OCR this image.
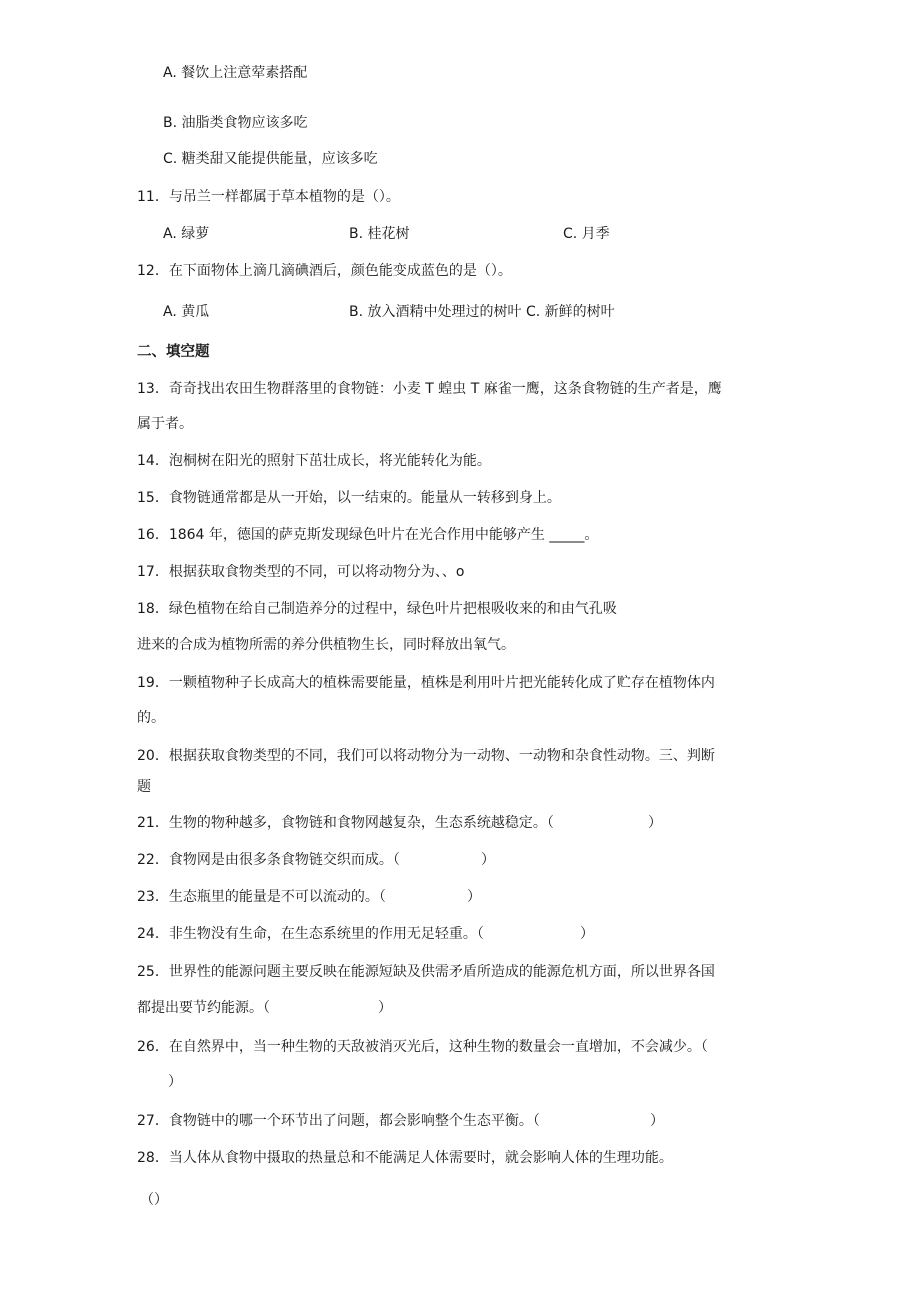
A. 餐饮上注意荤素搭配
B. 油脂类食物应该多吃
C. 糖类甜又能提供能量，应该多吃
11．与吊兰一样都属于草本植物的是（）。
A. 绿萝	B. 桂花树	C. 月季
12．在下面物体上滴几滴碘酒后，颜色能变成蓝色的是（）。
A. 黄瓜	B. 放入酒精中处理过的树叶 C. 新鲜的树叶
二、填空题
13．奇奇找出农田生物群落里的食物链：小麦 T 蝗虫 T 麻雀一鹰，这条食物链的生产者是，鹰
属于者。
14．泡桐树在阳光的照射下茁壮成长，将光能转化为能。
15．食物链通常都是从一开始，以一结束的。能量从一转移到身上。
16．1864 年，德国的萨克斯发现绿色叶片在光合作用中能够产生 _____。
17．根据获取食物类型的不同，可以将动物分为、、o
18．绿色植物在给自己制造养分的过程中，绿色叶片把根吸收来的和由气孔吸
进来的合成为植物所需的养分供植物生长，同时释放出氧气。
19．一颗植物种子长成高大的植株需要能量，植株是利用叶片把光能转化成了贮存在植物体内
的。
20．根据获取食物类型的不同，我们可以将动物分为一动物、一动物和杂食性动物。三、判断
题
21．生物的物种越多，食物链和食物网越复杂，生态系统越稳定。（	）
22．食物网是由很多条食物链交织而成。（	）
23．生态瓶里的能量是不可以流动的。（	）
24．非生物没有生命，在生态系统里的作用无足轻重。（	）
25．世界性的能源问题主要反映在能源短缺及供需矛盾所造成的能源危机方面，所以世界各国
都提出要节约能源。（	）
26．在自然界中，当一种生物的天敌被消灭光后，这种生物的数量会一直增加，不会减少。（
）
27．食物链中的哪一个环节出了问题，都会影响整个生态平衡。（	）
28．当人体从食物中摄取的热量总和不能满足人体需要时，就会影响人体的生理功能。
（）
